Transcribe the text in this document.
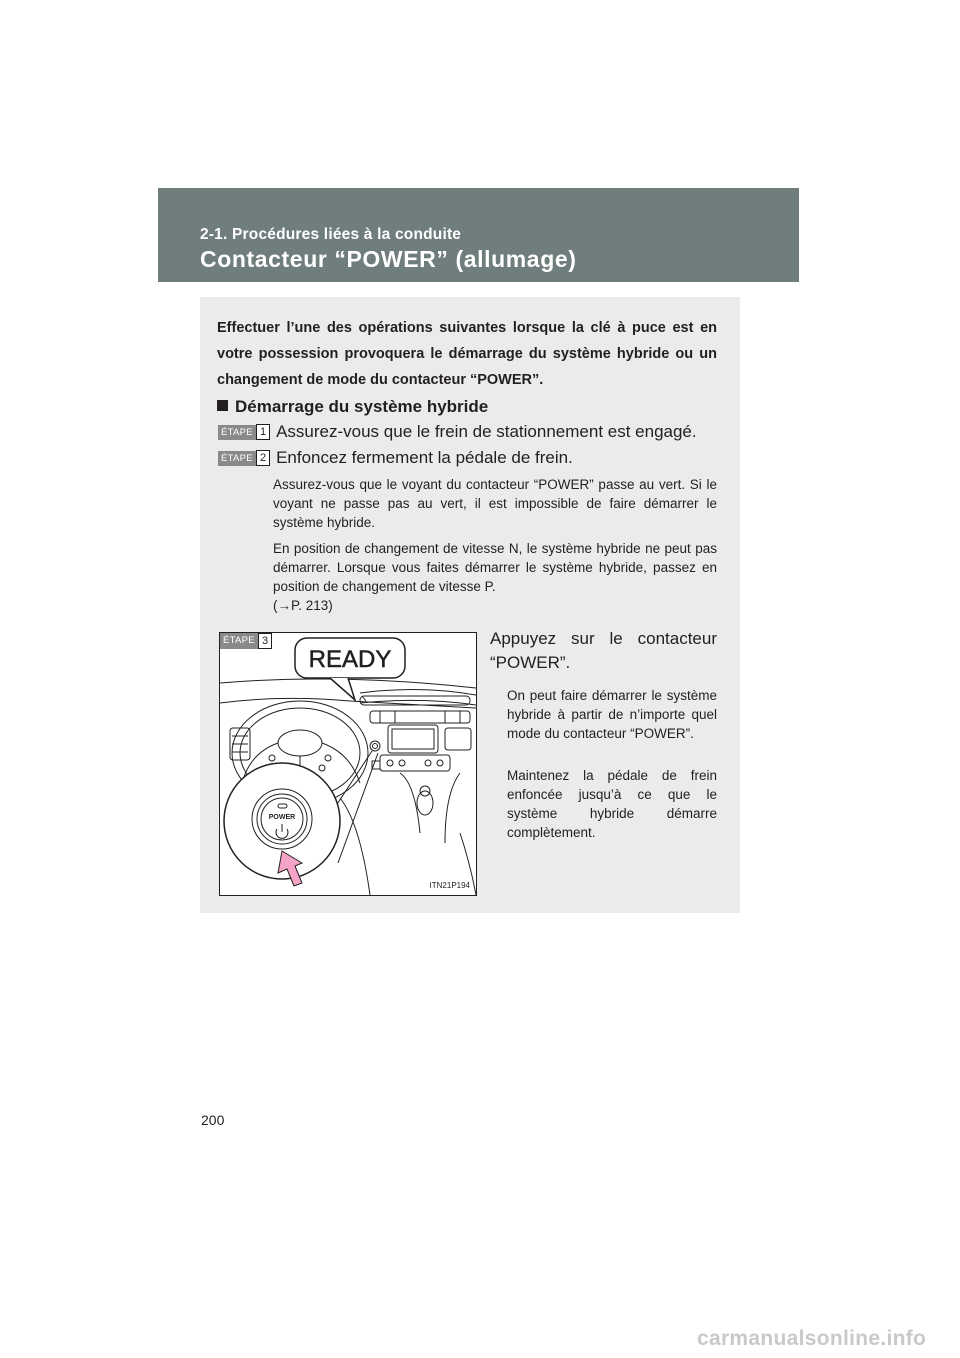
2-1. Procédures liées à la conduite
Contacteur “POWER” (allumage)
Effectuer l’une des opérations suivantes lorsque la clé à puce est en votre possession provoquera le démarrage du système hybride ou un changement de mode du contacteur “POWER”.
Démarrage du système hybride
ÉTAPE 1 Assurez-vous que le frein de stationnement est engagé.
ÉTAPE 2 Enfoncez fermement la pédale de frein.
Assurez-vous que le voyant du contacteur “POWER” passe au vert. Si le voyant ne passe pas au vert, il est impossible de faire démarrer le système hybride.
En position de changement de vitesse N, le système hybride ne peut pas démarrer. Lorsque vous faites démarrer le système hybride, passez en position de changement de vitesse P.
(→P. 213)
ÉTAPE 3
READY
POWER
ITN21P194
Appuyez sur le contacteur “POWER”.
On peut faire démarrer le système hybride à partir de n’importe quel mode du contacteur “POWER”.
Maintenez la pédale de frein enfoncée jusqu’à ce que le système hybride démarre complètement.
200
carmanualsonline.info
